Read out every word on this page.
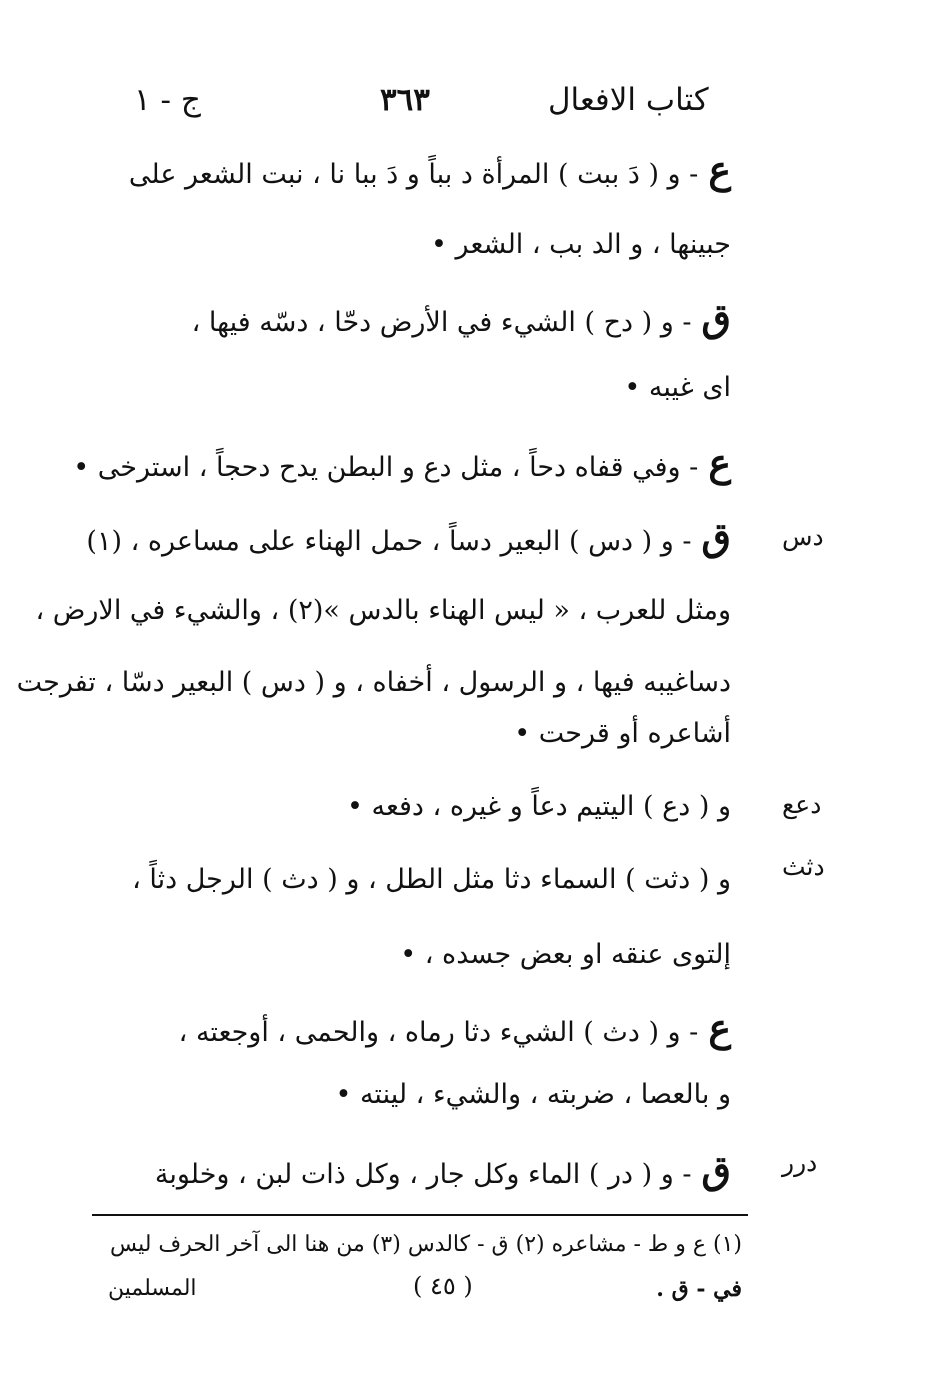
كتاب الافعال
٣٦٣
ج - ١
ع- و ( دَ ببت ) المرأة د بباً و دَ ببا نا ، نبت الشعر على
جبينها ، و الد بب ، الشعر •
ق- و ( دح ) الشيء في الأرض دحّا ، دسّه فيها ،
اى غيبه •
ع- وفي قفاه دحاً ، مثل دع و البطن يدح دحجاً ، استرخى •
ق- و ( دس ) البعير دساً ، حمل الهناء على مساعره ، (١)
ومثل للعرب ، « ليس الهناء بالدس »(٢) ، والشيء في الارض ،
دساغيبه فيها ، و الرسول ، أخفاه ، و ( دس ) البعير دسّا ، تفرجت
أشاعره أو قرحت •
و ( دع ) اليتيم دعاً و غيره ، دفعه •
و ( دثت ) السماء دثا مثل الطل ، و ( دث ) الرجل دثاً ،
إلتوى عنقه او بعض جسده ، •
ع- و ( دث ) الشيء دثا رماه ، والحمى ، أوجعته ،
و بالعصا ، ضربته ، والشيء ، لينته •
ق- و ( در ) الماء وكل جار ، وكل ذات لبن ، وخلوبة
دس
دعع
دثث
درر
(١) ع و ط - مشاعره (٢) ق - كالدس (٣) من هنا الى آخر الحرف ليس
في - ق .
( ٤٥ )
المسلمين
